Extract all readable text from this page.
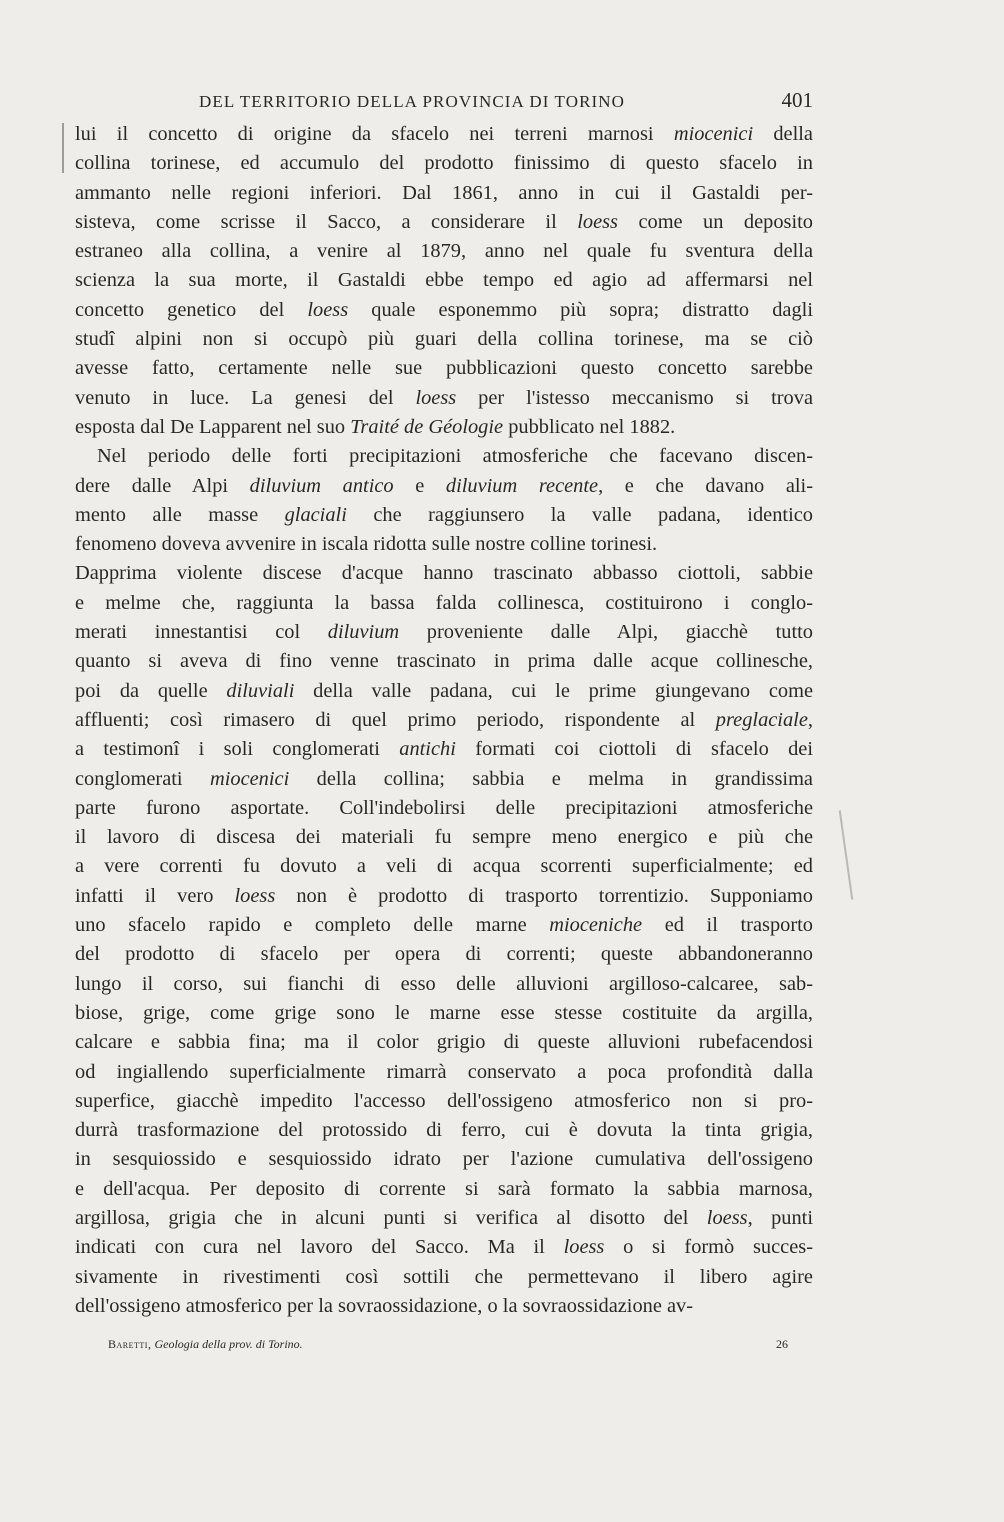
DEL TERRITORIO DELLA PROVINCIA DI TORINO	401
lui il concetto di origine da sfacelo nei terreni marnosi miocenici della
collina torinese, ed accumulo del prodotto finissimo di questo sfacelo in
ammanto nelle regioni inferiori. Dal 1861, anno in cui il Gastaldi per-
sisteva, come scrisse il Sacco, a considerare il loess come un deposito
estraneo alla collina, a venire al 1879, anno nel quale fu sventura della
scienza la sua morte, il Gastaldi ebbe tempo ed agio ad affermarsi nel
concetto genetico del loess quale esponemmo più sopra; distratto dagli
studî alpini non si occupò più guari della collina torinese, ma se ciò
avesse fatto, certamente nelle sue pubblicazioni questo concetto sarebbe
venuto in luce. La genesi del loess per l'istesso meccanismo si trova
esposta dal De Lapparent nel suo Traité de Géologie pubblicato nel 1882.
Nel periodo delle forti precipitazioni atmosferiche che facevano discen-
dere dalle Alpi diluvium antico e diluvium recente, e che davano ali-
mento alle masse glaciali che raggiunsero la valle padana, identico
fenomeno doveva avvenire in iscala ridotta sulle nostre colline torinesi.
Dapprima violente discese d'acque hanno trascinato abbasso ciottoli, sabbie
e melme che, raggiunta la bassa falda collinesca, costituirono i conglo-
merati innestantisi col diluvium proveniente dalle Alpi, giacchè tutto
quanto si aveva di fino venne trascinato in prima dalle acque collinesche,
poi da quelle diluviali della valle padana, cui le prime giungevano come
affluenti; così rimasero di quel primo periodo, rispondente al preglaciale,
a testimonî i soli conglomerati antichi formati coi ciottoli di sfacelo dei
conglomerati miocenici della collina; sabbia e melma in grandissima
parte furono asportate. Coll'indebolirsi delle precipitazioni atmosferiche
il lavoro di discesa dei materiali fu sempre meno energico e più che
a vere correnti fu dovuto a veli di acqua scorrenti superficialmente; ed
infatti il vero loess non è prodotto di trasporto torrentizio. Supponiamo
uno sfacelo rapido e completo delle marne mioceniche ed il trasporto
del prodotto di sfacelo per opera di correnti; queste abbandoneranno
lungo il corso, sui fianchi di esso delle alluvioni argilloso-calcaree, sab-
biose, grige, come grige sono le marne esse stesse costituite da argilla,
calcare e sabbia fina; ma il color grigio di queste alluvioni rubefacendosi
od ingiallendo superficialmente rimarrà conservato a poca profondità dalla
superfice, giacchè impedito l'accesso dell'ossigeno atmosferico non si pro-
durrà trasformazione del protossido di ferro, cui è dovuta la tinta grigia,
in sesquiossido e sesquiossido idrato per l'azione cumulativa dell'ossigeno
e dell'acqua. Per deposito di corrente si sarà formato la sabbia marnosa,
argillosa, grigia che in alcuni punti si verifica al disotto del loess, punti
indicati con cura nel lavoro del Sacco. Ma il loess o si formò succes-
sivamente in rivestimenti così sottili che permettevano il libero agire
dell'ossigeno atmosferico per la sovraossidazione, o la sovraossidazione av-
Baretti, Geologia della prov. di Torino.	26
